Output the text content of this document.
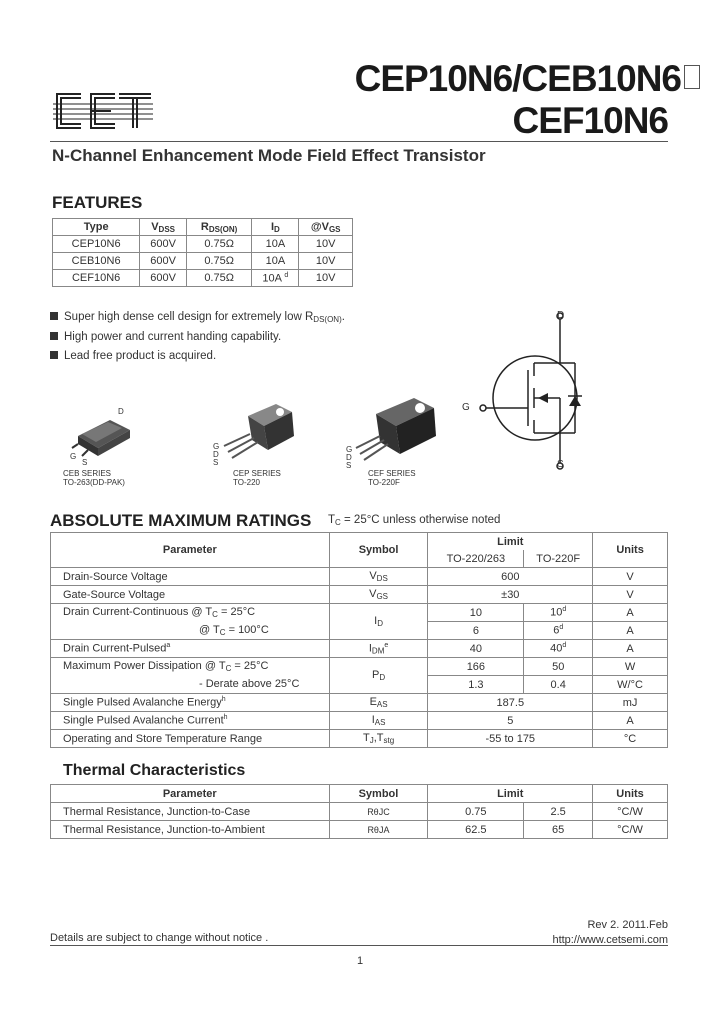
CEP10N6/CEB10N6
CEF10N6
N-Channel Enhancement Mode Field Effect Transistor
FEATURES
Type	$V_{DSS}$	$R_{DS(ON)}$	$I_D$	$@V_{GS}$
CEP10N6	600V	0.75Ω	10A	10V
CEB10N6	600V	0.75Ω	10A	10V
CEF10N6	600V	0.75Ω	10A $^d$	10V
Super high dense cell design for extremely low $R_{DS(ON)}$.
High power and current handing capability.
Lead free product is acquired.
D
G
S
D
G
S
CEB SERIES
TO-263(DD-PAK)
G
D
S
CEP SERIES
TO-220
G
D
S
CEF SERIES
TO-220F
ABSOLUTE MAXIMUM RATINGS $T_C = 25^\circ C$ unless otherwise noted
Parameter	Symbol	Limit		Units
		TO-220/263	TO-220F	
Drain-Source Voltage	$V_{DS}$	600		V
Gate-Source Voltage	$V_{GS}$	±30		V
Drain Current-Continuous @ $T_C = 25^\circ C$	$I_D$	10	10$^d$	A
@ $T_C = 100^\circ C$		6	6$^d$	A
Drain Current-Pulsed$^a$	$I_{DM}^e$	40	40$^d$	A
Maximum Power Dissipation @ $T_C = 25^\circ C$	$P_D$	166	50	W
- Derate above 25°C		1.3	0.4	W/°C
Single Pulsed Avalanche Energy$^h$	$E_{AS}$	187.5		mJ
Single Pulsed Avalanche Current$^h$	$I_{AS}$	5		A
Operating and Store Temperature Range	$T_J,T_{stg}$	-55 to 175		°C
Thermal Characteristics
Parameter	Symbol	Limit		Units
Thermal Resistance, Junction-to-Case	RθJC	0.75	2.5	°C/W
Thermal Resistance, Junction-to-Ambient	RθJA	62.5	65	°C/W
Rev 2. 2011.Feb
http://www.cetsemi.com
Details are subject to change without notice .
1
